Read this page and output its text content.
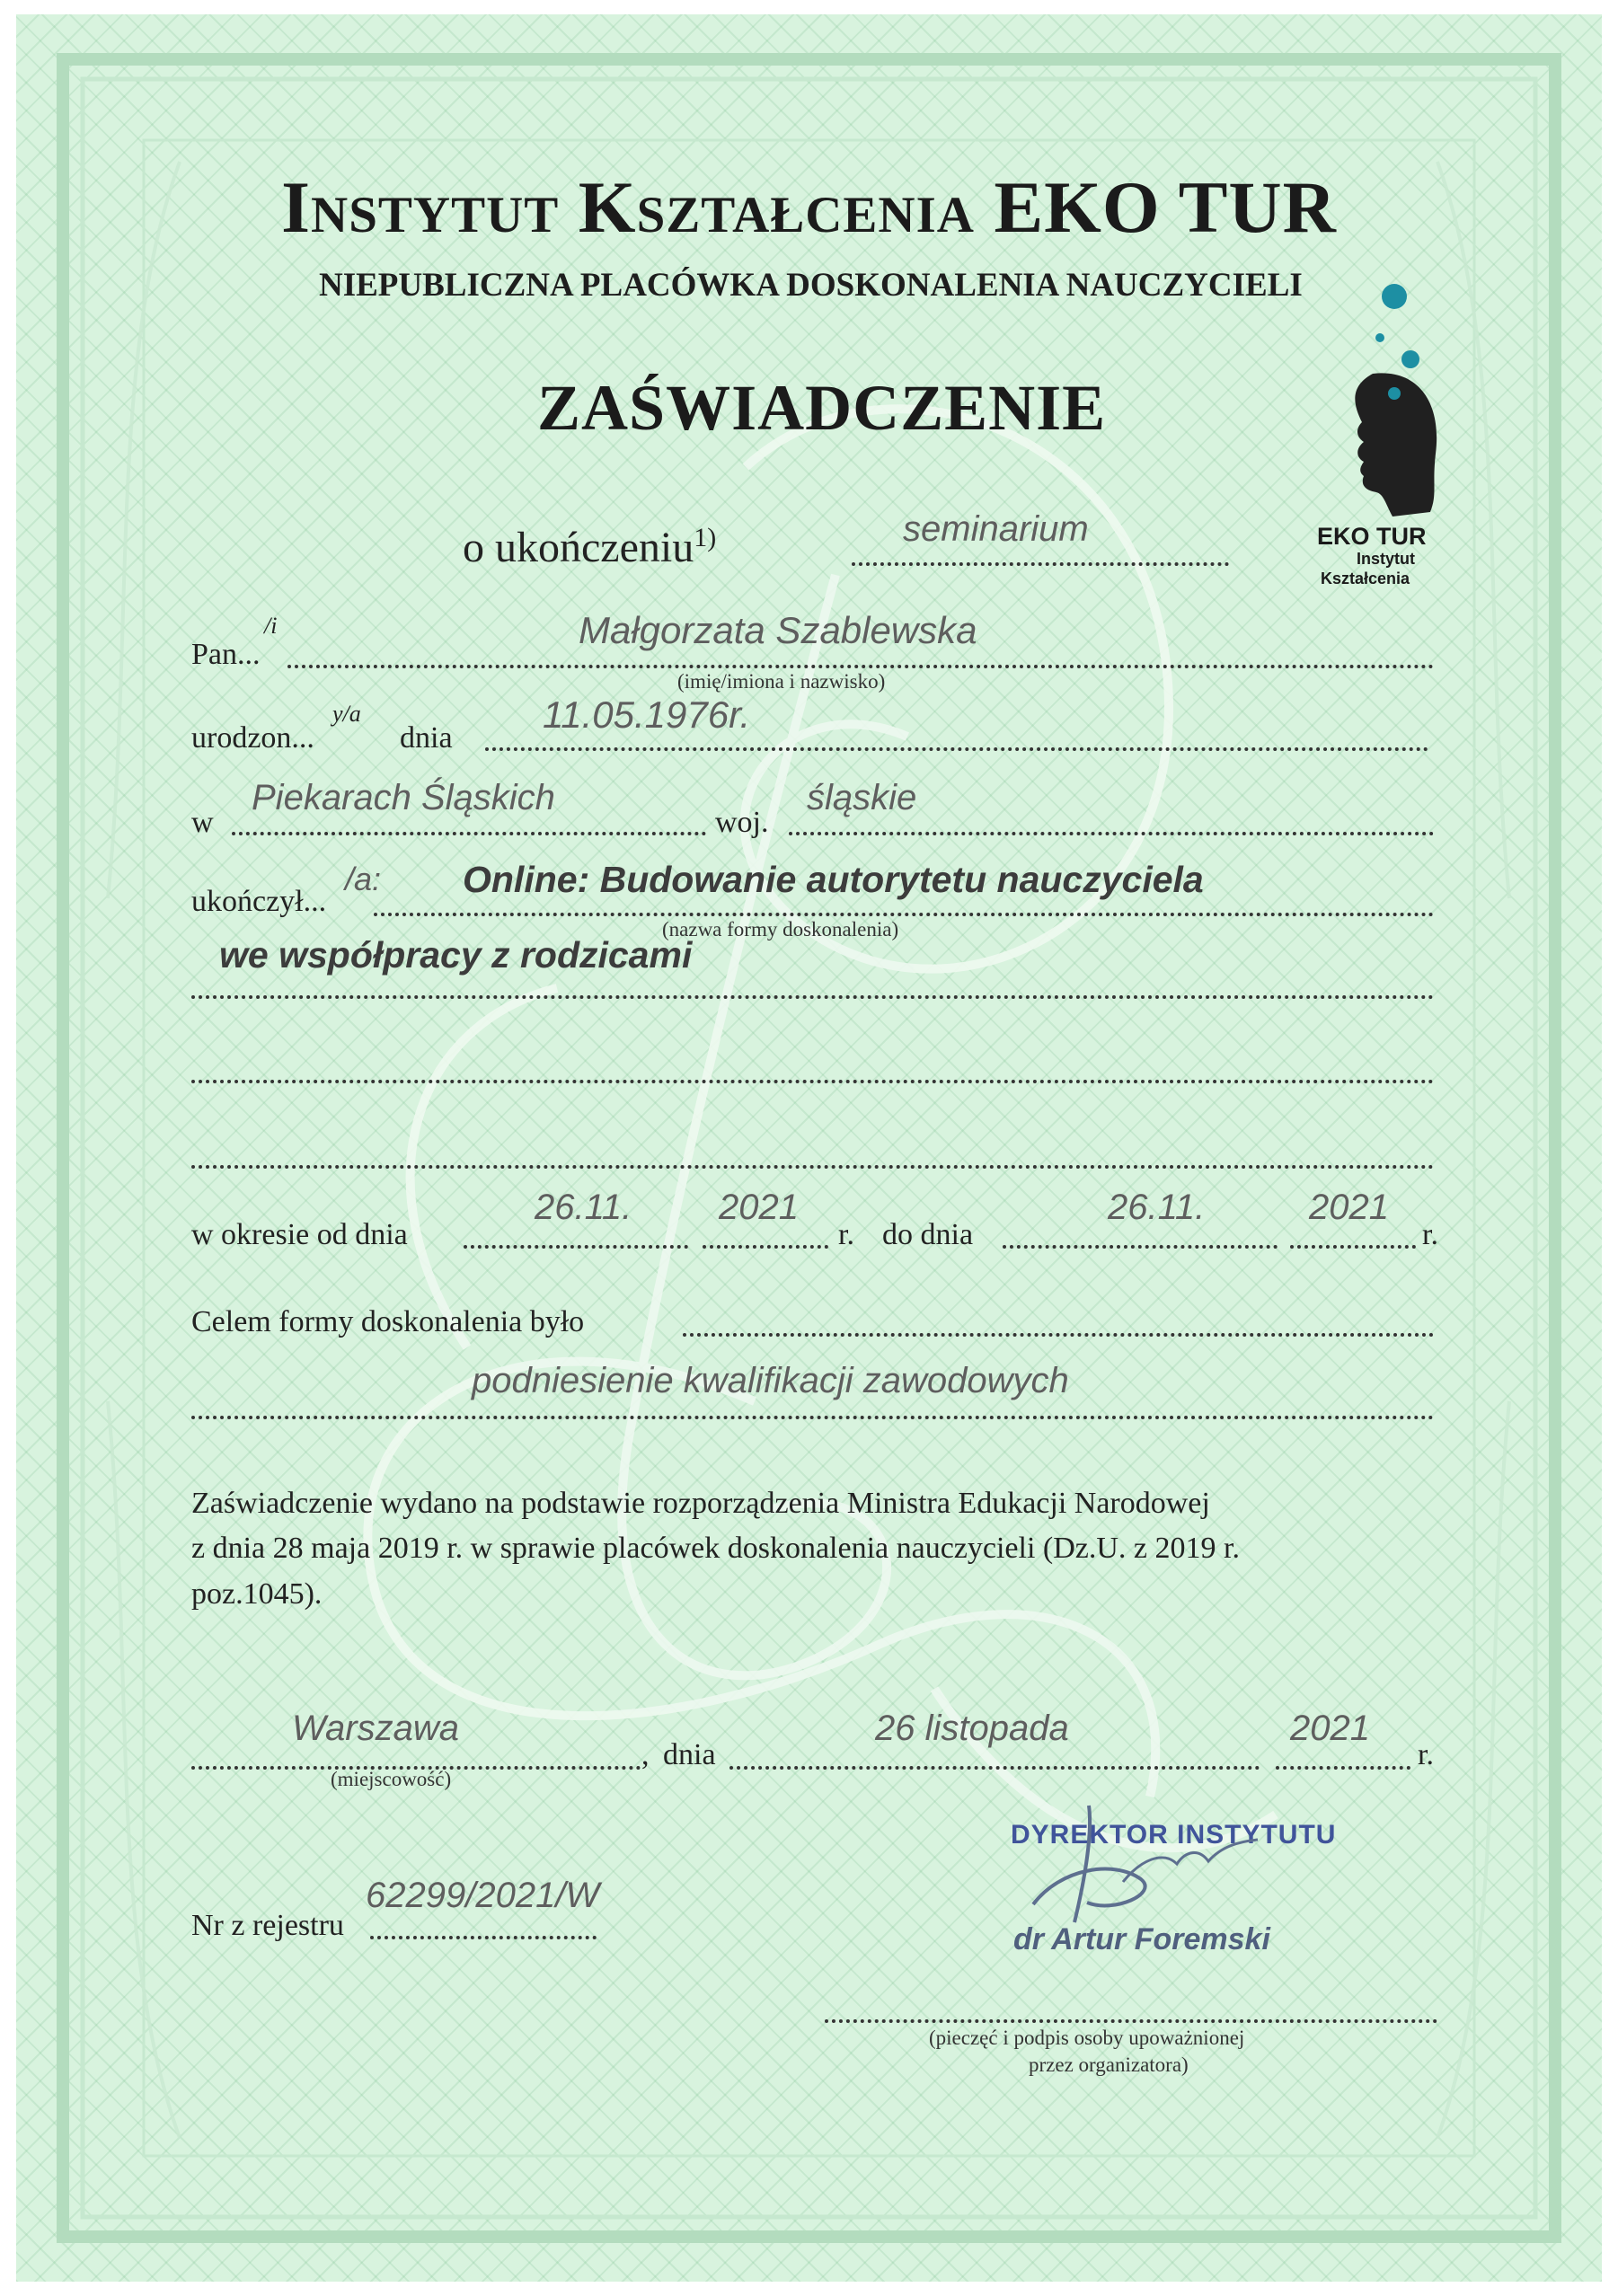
Instytut Kształcenia EKO TUR
NIEPUBLICZNA PLACÓWKA DOSKONALENIA NAUCZYCIELI
ZAŚWIADCZENIE
EKO TUR
Instytut
Kształcenia
o ukończeniu$^{1)}$	seminarium
Pan...
/i	Małgorzata Szablewska
(imię/imiona i nazwisko)
urodzon...
y/a
dnia
11.05.1976r.
w
Piekarach Śląskich
woj.
śląskie
ukończył...
/a: Online: Budowanie autorytetu nauczyciela
(nazwa formy doskonalenia)
we współpracy z rodzicami
w okresie od dnia
26.11. 2021
r. do dnia
26.11.	2021
r.
Celem formy doskonalenia było
podniesienie kwalifikacji zawodowych
Zaświadczenie wydano na podstawie rozporządzenia Ministra Edukacji Narodowej
z dnia 28 maja 2019 r. w sprawie placówek doskonalenia nauczycieli (Dz.U. z 2019 r.
poz.1045).
Warszawa
(miejscowość)
, dnia
26 listopada	2021
r.
Nr z rejestru
62299/2021/W
DYREKTOR INSTYTUTU
dr Artur Foremski
(pieczęć i podpis osoby upoważnionej
przez organizatora)
